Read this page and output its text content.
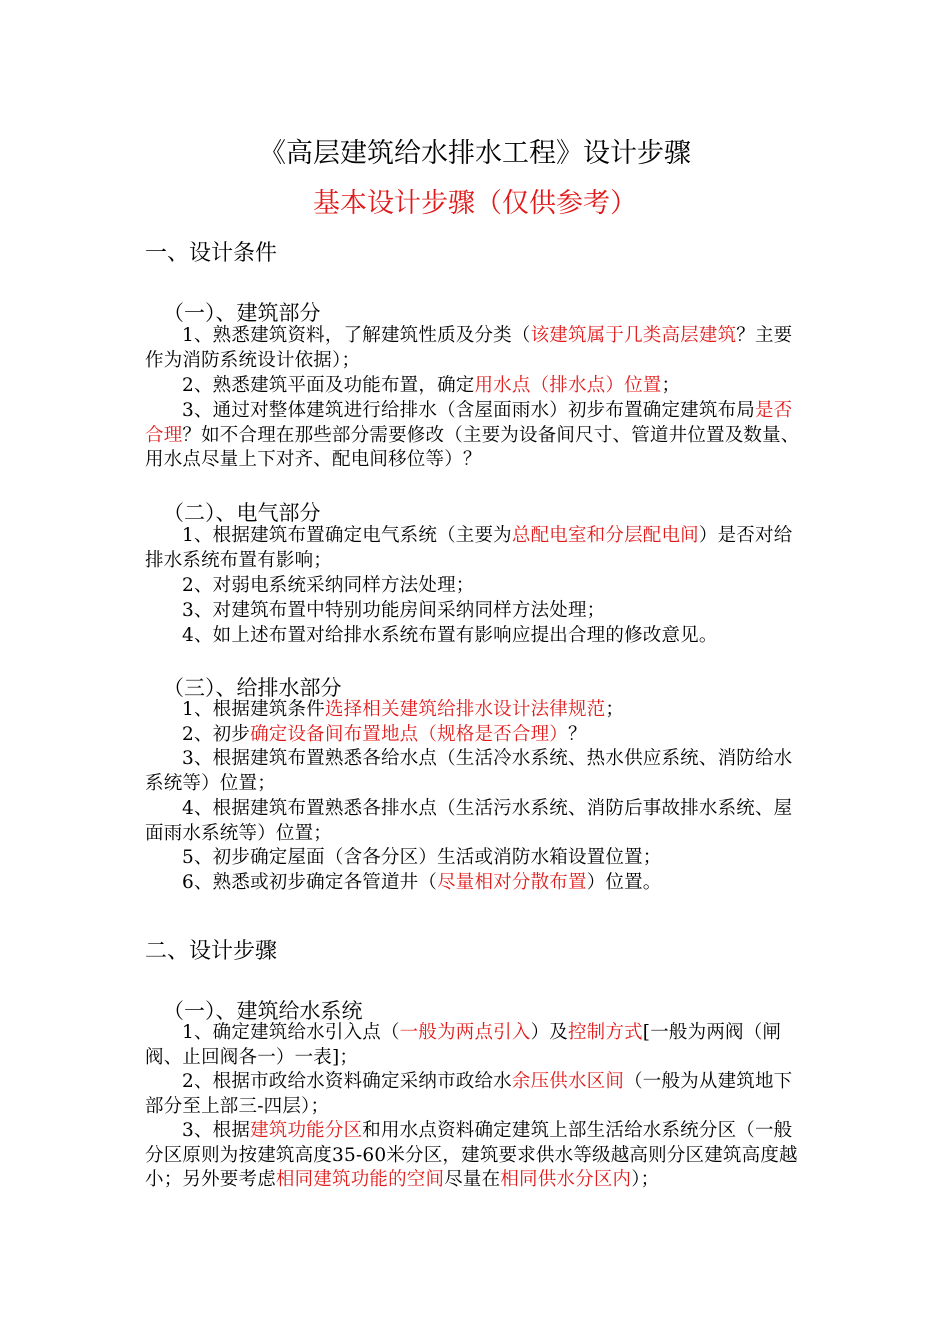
《高层建筑给水排水工程》设计步骤
基本设计步骤（仅供参考）
一、设计条件
（一）、建筑部分
1、熟悉建筑资料，了解建筑性质及分类（该建筑属于几类高层建筑？主要作为消防系统设计依据）；
2、熟悉建筑平面及功能布置，确定用水点（排水点）位置；
3、通过对整体建筑进行给排水（含屋面雨水）初步布置确定建筑布局是否合理？如不合理在那些部分需要修改（主要为设备间尺寸、管道井位置及数量、用水点尽量上下对齐、配电间移位等）？
（二）、电气部分
1、根据建筑布置确定电气系统（主要为总配电室和分层配电间）是否对给排水系统布置有影响；
2、对弱电系统采纳同样方法处理；
3、对建筑布置中特别功能房间采纳同样方法处理；
4、如上述布置对给排水系统布置有影响应提出合理的修改意见。
（三）、给排水部分
1、根据建筑条件选择相关建筑给排水设计法律规范；
2、初步确定设备间布置地点（规格是否合理）？
3、根据建筑布置熟悉各给水点（生活冷水系统、热水供应系统、消防给水系统等）位置；
4、根据建筑布置熟悉各排水点（生活污水系统、消防后事故排水系统、屋面雨水系统等）位置；
5、初步确定屋面（含各分区）生活或消防水箱设置位置；
6、熟悉或初步确定各管道井（尽量相对分散布置）位置。
二、设计步骤
（一）、建筑给水系统
1、确定建筑给水引入点（一般为两点引入）及控制方式[一般为两阀（闸阀、止回阀各一）一表]；
2、根据市政给水资料确定采纳市政给水余压供水区间（一般为从建筑地下部分至上部三-四层）；
3、根据建筑功能分区和用水点资料确定建筑上部生活给水系统分区（一般分区原则为按建筑高度35-60米分区，建筑要求供水等级越高则分区建筑高度越小；另外要考虑相同建筑功能的空间尽量在相同供水分区内）；
